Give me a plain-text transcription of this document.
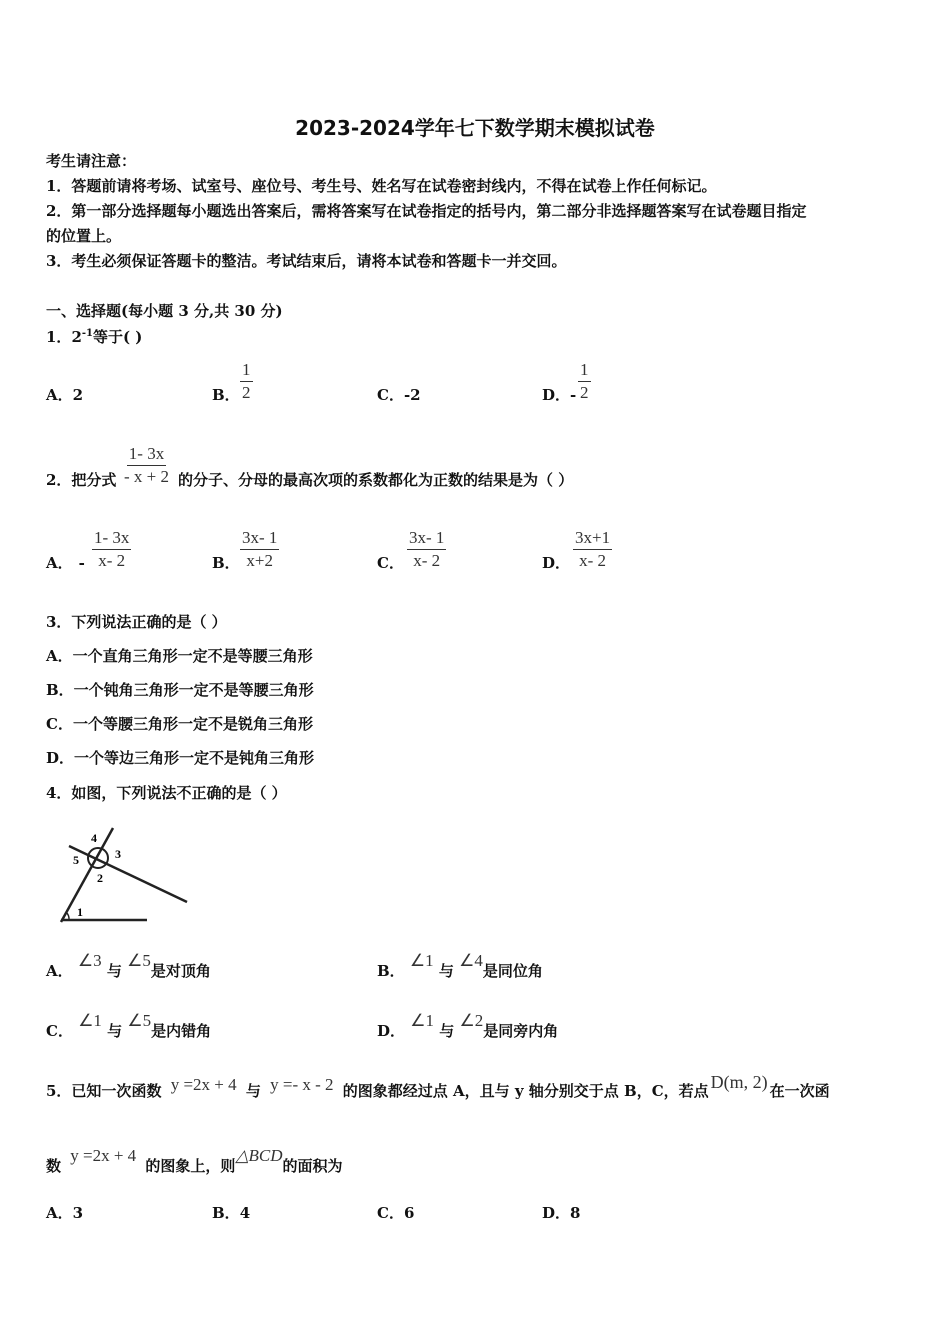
2023-2024学年七下数学期末模拟试卷
考生请注意：
1．答题前请将考场、试室号、座位号、考生号、姓名写在试卷密封线内，不得在试卷上作任何标记。
2．第一部分选择题每小题选出答案后，需将答案写在试卷指定的括号内，第二部分非选择题答案写在试卷题目指定
的位置上。
3．考生必须保证答题卡的整洁。考试结束后，请将本试卷和答题卡一并交回。
一、选择题(每小题 3 分,共 30 分)
1．$2^{-1}$等于( )
A．2	B． $\frac{1}{2}$	C．-2	D．- $\frac{1}{2}$
2．把分式 $\frac{1- 3x}{- x + 2}$ 的分子、分母的最高次项的系数都化为正数的结果是为（ ）
A． - $\frac{1- 3x}{x- 2}$	B． $\frac{3x- 1}{x+2}$	C． $\frac{3x- 1}{x- 2}$	D． $\frac{3x+1}{x- 2}$
3．下列说法正确的是（ ）
A．一个直角三角形一定不是等腰三角形
B．一个钝角三角形一定不是等腰三角形
C．一个等腰三角形一定不是锐角三角形
D．一个等边三角形一定不是钝角三角形
4．如图，下列说法不正确的是（ ）
4
5	3
2
1
A． ∠3 与 ∠5是对顶角	B． ∠1 与 ∠4是同位角
C． ∠1 与 ∠5是内错角	D． ∠1 与 ∠2是同旁内角
5．已知一次函数 y =2x + 4 与 y =- x - 2 的图象都经过点 A，且与 y 轴分别交于点 B，C，若点 D(m, 2) 在一次函
数 y =2x + 4 的图象上，则△BCD的面积为
A．3	B．4	C．6	D．8
